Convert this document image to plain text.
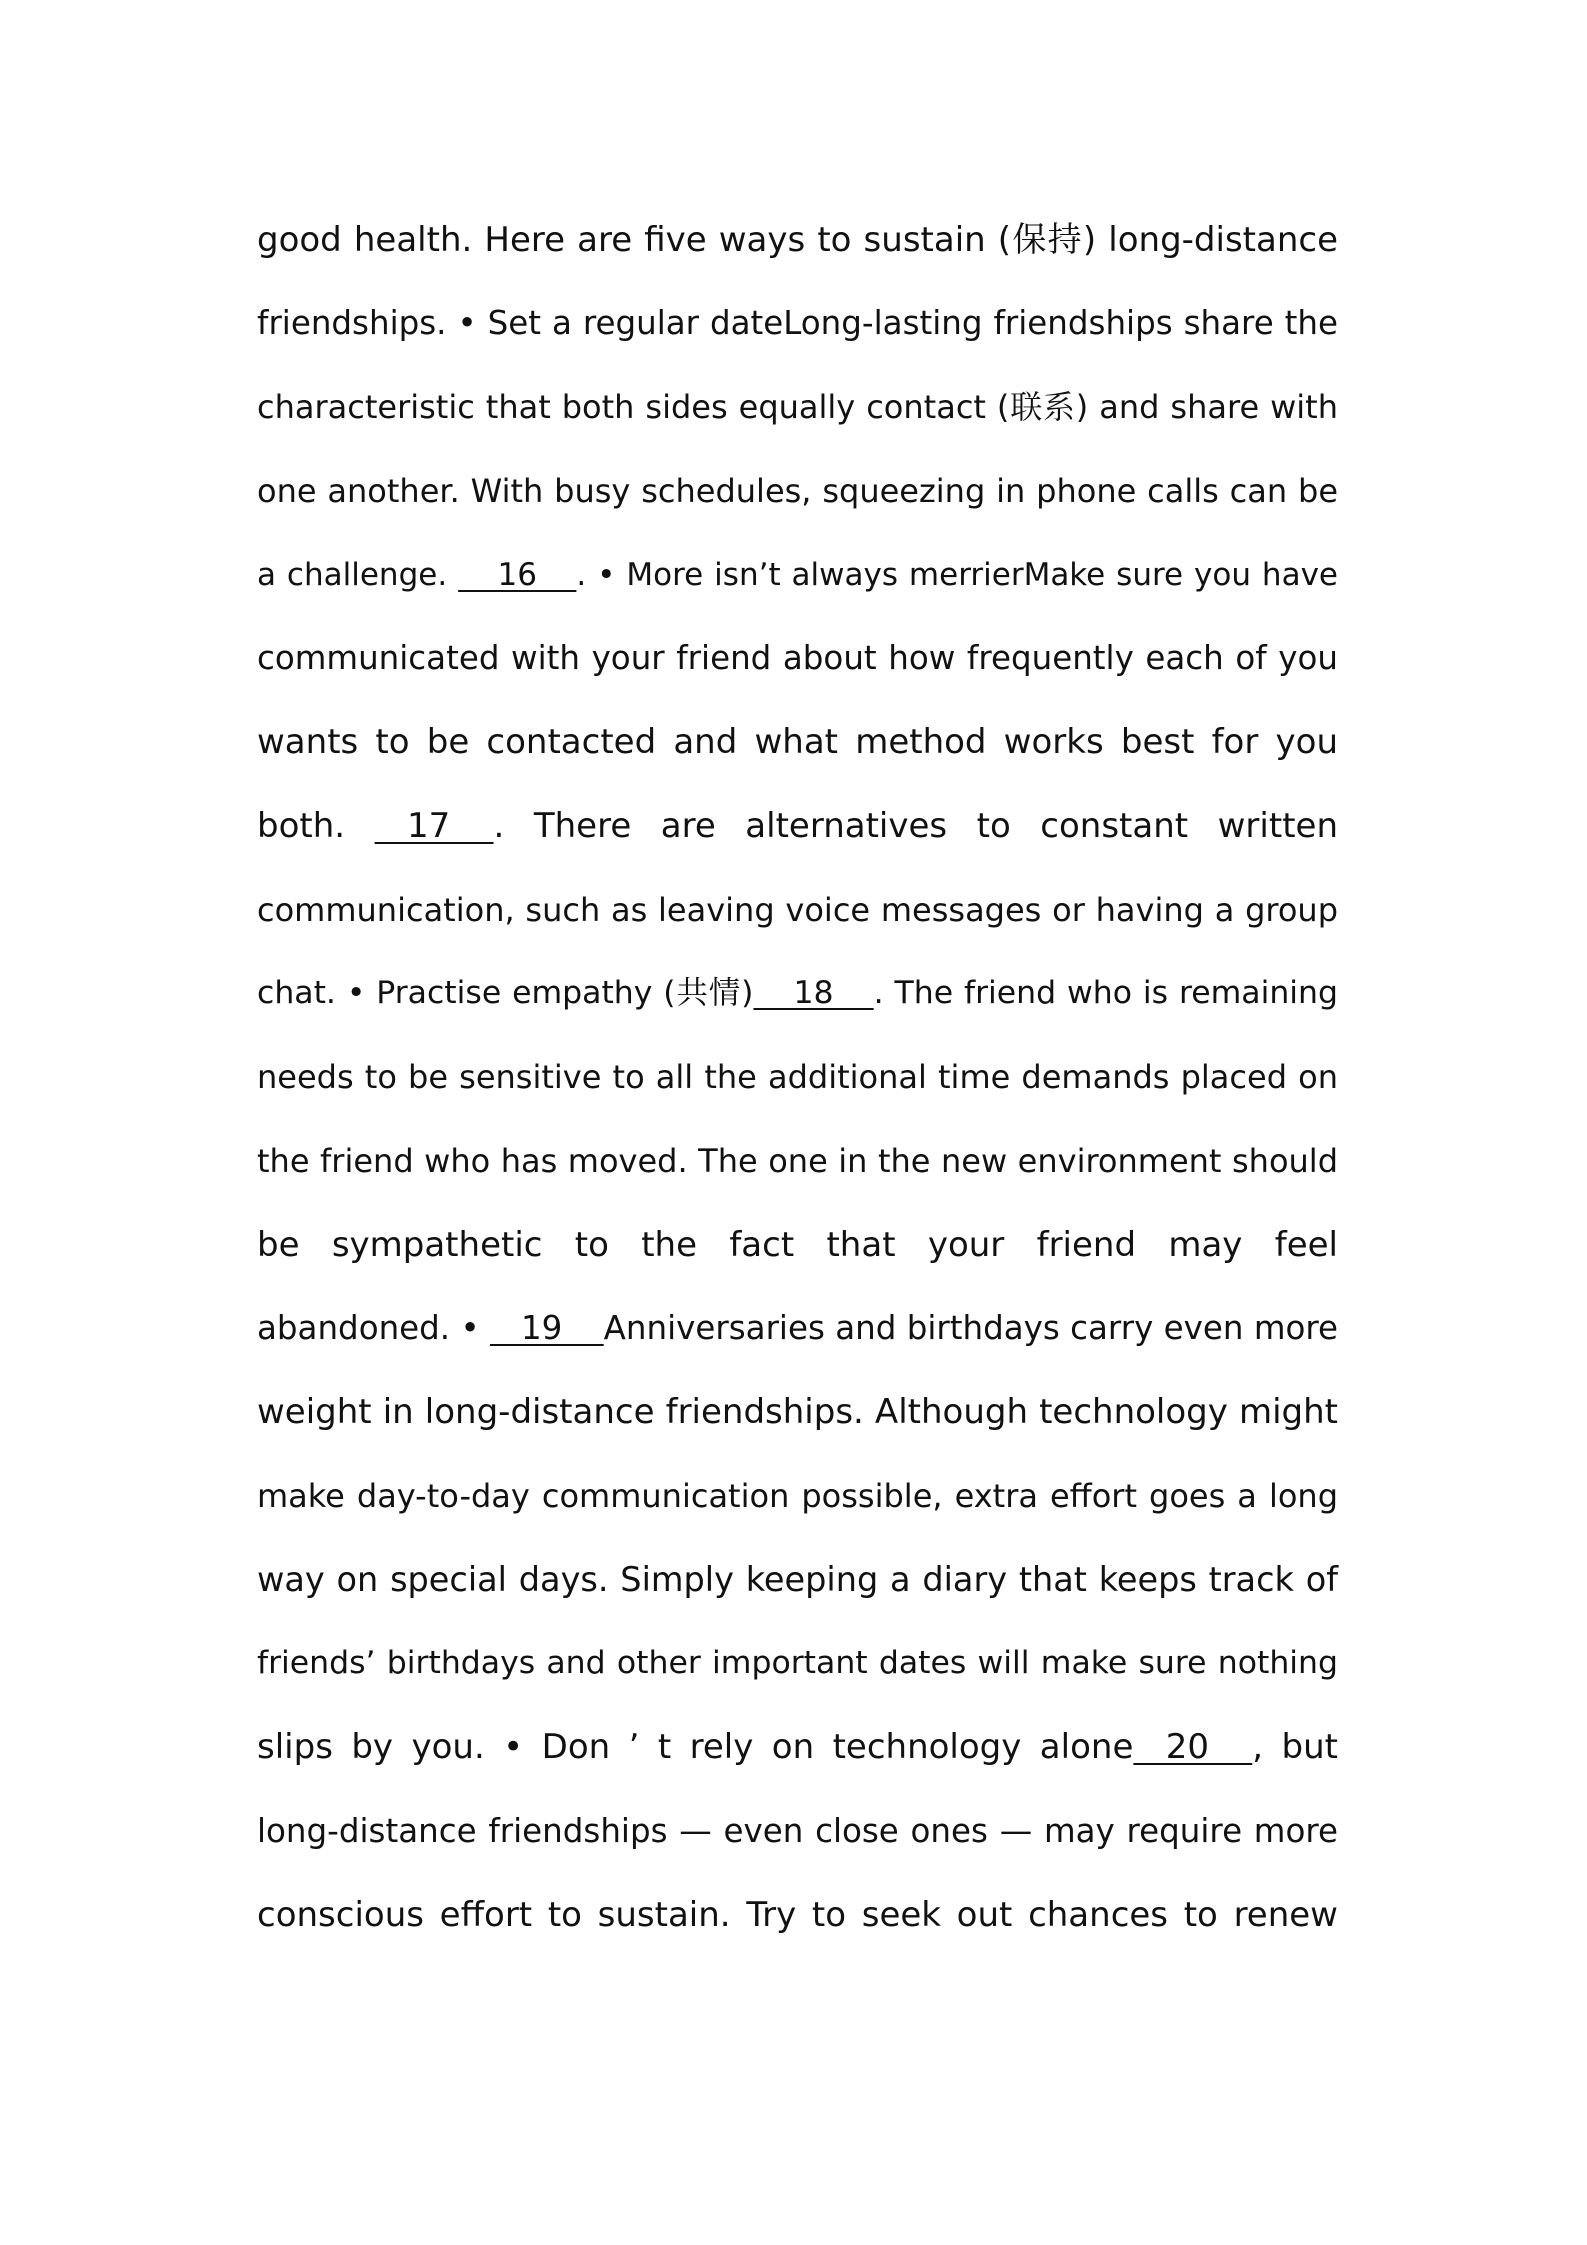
good health. Here are five ways to sustain (保持) long-distance
friendships. • Set a regular dateLong-lasting friendships share the
characteristic that both sides equally contact (联系) and share with
one another. With busy schedules, squeezing in phone calls can be
a challenge.     16    . • More isn’t always merrierMake sure you have
communicated with your friend about how frequently each of you
wants to be contacted and what method works best for you
both.    17    . There are alternatives to constant written
communication, such as leaving voice messages or having a group
chat. • Practise empathy (共情)    18    . The friend who is remaining
needs to be sensitive to all the additional time demands placed on
the friend who has moved. The one in the new environment should
be sympathetic to the fact that your friend may feel
abandoned. •    19    Anniversaries and birthdays carry even more
weight in long-distance friendships. Although technology might
make day-to-day communication possible, extra effort goes a long
way on special days. Simply keeping a diary that keeps track of
friends’ birthdays and other important dates will make sure nothing
slips by you. • Don ’ t rely on technology alone   20    , but
long-distance friendships — even close ones — may require more
conscious effort to sustain. Try to seek out chances to renew
